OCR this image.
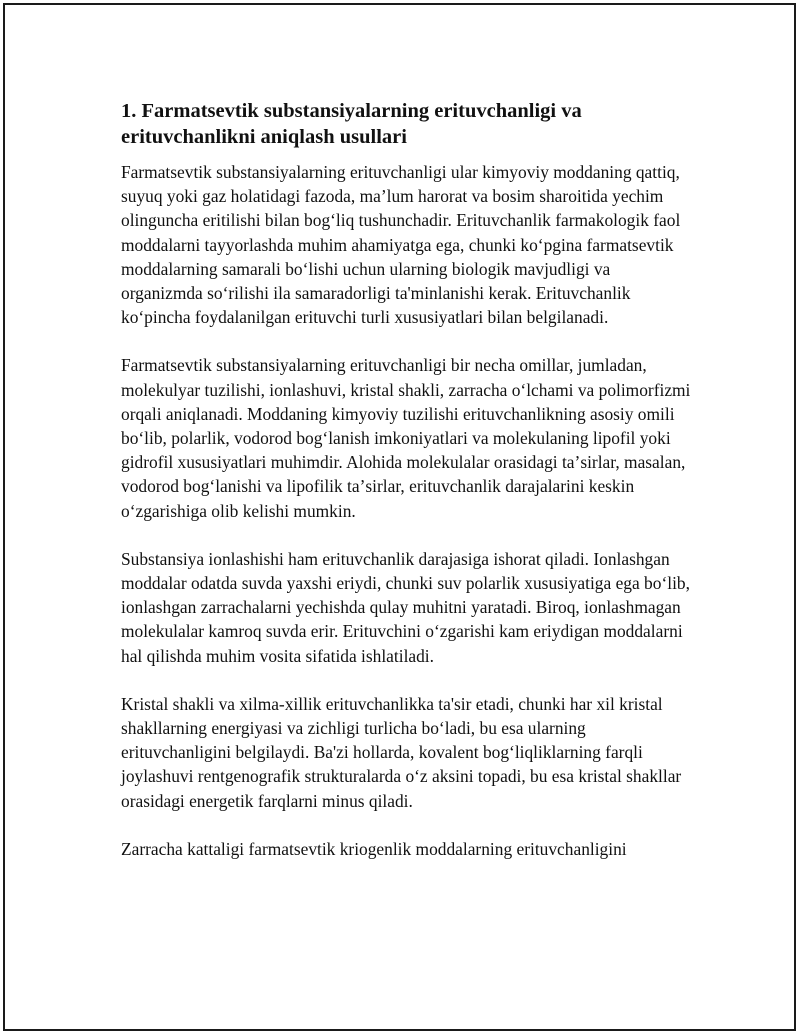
1. Farmatsevtik substansiyalarning erituvchanligi va erituvchanlikni aniqlash usullari

Farmatsevtik substansiyalarning erituvchanligi ular kimyoviy moddaning qattiq, suyuq yoki gaz holatidagi fazoda, maʼlum harorat va bosim sharoitida yechim olinguncha eritilishi bilan bogʻliq tushunchadir. Erituvchanlik farmakologik faol moddalarni tayyorlashda muhim ahamiyatga ega, chunki koʻpgina farmatsevtik moddalarning samarali boʻlishi uchun ularning biologik mavjudligi va organizmda soʻrilishi ila samaradorligi ta'minlanishi kerak. Erituvchanlik koʻpincha foydalanilgan erituvchi turli xususiyatlari bilan belgilanadi.

Farmatsevtik substansiyalarning erituvchanligi bir necha omillar, jumladan, molekulyar tuzilishi, ionlashuvi, kristal shakli, zarracha oʻlchami va polimorfizmi orqali aniqlanadi. Moddaning kimyoviy tuzilishi erituvchanlikning asosiy omili boʻlib, polarlik, vodorod bogʻlanish imkoniyatlari va molekulaning lipofil yoki gidrofil xususiyatlari muhimdir. Alohida molekulalar orasidagi taʼsirlar, masalan, vodorod bogʻlanishi va lipofilik taʼsirlar, erituvchanlik darajalarini keskin oʻzgarishiga olib kelishi mumkin.

Substansiya ionlashishi ham erituvchanlik darajasiga ishorat qiladi. Ionlashgan moddalar odatda suvda yaxshi eriydi, chunki suv polarlik xususiyatiga ega boʻlib, ionlashgan zarrachalarni yechishda qulay muhitni yaratadi. Biroq, ionlashmagan molekulalar kamroq suvda erir. Erituvchini oʻzgarishi kam eriydigan moddalarni hal qilishda muhim vosita sifatida ishlatiladi.

Kristal shakli va xilma-xillik erituvchanlikka ta'sir etadi, chunki har xil kristal shakllarning energiyasi va zichligi turlicha boʻladi, bu esa ularning erituvchanligini belgilaydi. Ba'zi hollarda, kovalent bogʻliqliklarning farqli joylashuvi rentgenografik strukturalarda oʻz aksini topadi, bu esa kristal shakllar orasidagi energetik farqlarni minus qiladi.

Zarracha kattaligi farmatsevtik kriogenlik moddalarning erituvchanligini
